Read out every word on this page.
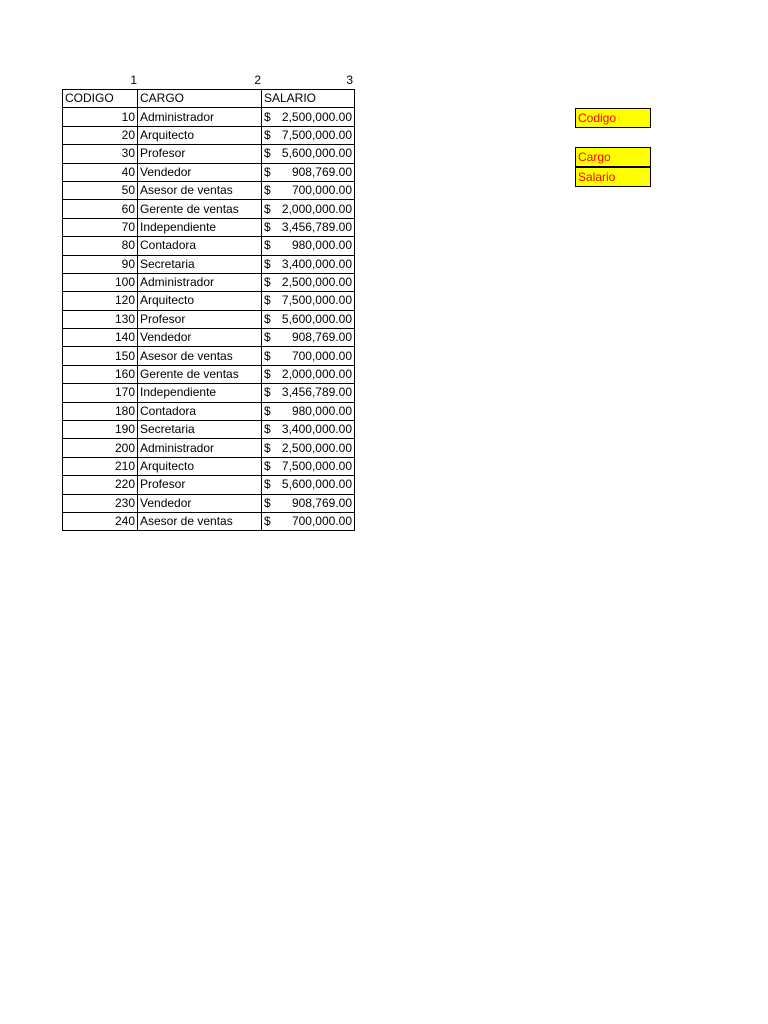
1	2	3
CODIGO	CARGO	SALARIO
10	Administrador	$ 2,500,000.00
20	Arquitecto	$ 7,500,000.00
30	Profesor	$ 5,600,000.00
40	Vendedor	$ 908,769.00
50	Asesor de ventas	$ 700,000.00
60	Gerente de ventas	$ 2,000,000.00
70	Independiente	$ 3,456,789.00
80	Contadora	$ 980,000.00
90	Secretaria	$ 3,400,000.00
100	Administrador	$ 2,500,000.00
120	Arquitecto	$ 7,500,000.00
130	Profesor	$ 5,600,000.00
140	Vendedor	$ 908,769.00
150	Asesor de ventas	$ 700,000.00
160	Gerente de ventas	$ 2,000,000.00
170	Independiente	$ 3,456,789.00
180	Contadora	$ 980,000.00
190	Secretaria	$ 3,400,000.00
200	Administrador	$ 2,500,000.00
210	Arquitecto	$ 7,500,000.00
220	Profesor	$ 5,600,000.00
230	Vendedor	$ 908,769.00
240	Asesor de ventas	$ 700,000.00
Codigo
Cargo
Salario
